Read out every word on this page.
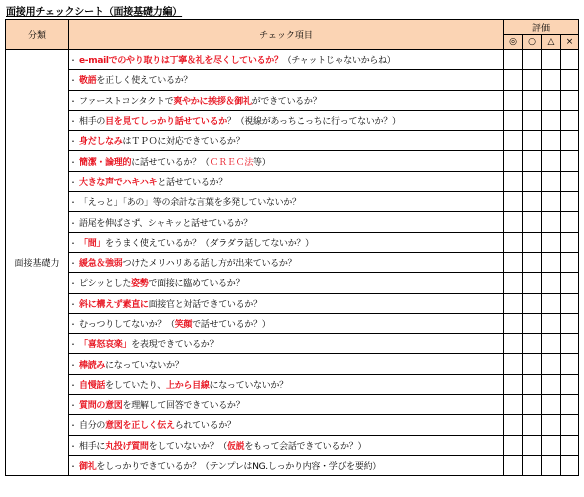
面接用チェックシート（面接基礎力編）
分類	チェック項目	評価			
		◎	○	△	×
面接基礎力	・ e-mailでのやり取りは丁寧＆礼を尽くしているか？（チャットじゃないからね）				
	・ 敬語を正しく使えているか？				
	・ ファーストコンタクトで爽やかに挨拶＆御礼ができているか？				
	・ 相手の目を見てしっかり話せているか？（視線があっちこっちに行ってないか？）				
	・ 身だしなみはＴＰＯに対応できているか？				
	・ 簡潔・論理的に話せているか？（ＣＲＥＣ法等）				
	・ 大きな声でハキハキと話せているか？				
	・ 「えっと」「あの」等の余計な言葉を多発していないか？				
	・ 語尾を伸ばさず、シャキッと話せているか？				
	・ 「間」をうまく使えているか？（ダラダラ話してないか？）				
	・ 緩急＆強弱つけたメリハリある話し方が出来ているか？				
	・ ピシッとした姿勢で面接に臨めているか？				
	・ 斜に構えず素直に面接官と対話できているか？				
	・ むっつりしてないか？（笑顔で話せているか？）				
	・ 「喜怒哀楽」を表現できているか？				
	・ 棒読みになっていないか？				
	・ 自慢話をしていたり、上から目線になっていないか？				
	・ 質問の意図を理解して回答できているか？				
	・ 自分の意図を正しく伝えられているか？				
	・ 相手に丸投げ質問をしていないか？（仮説をもって会話できているか？）				
	・ 御礼をしっかりできているか？（テンプレはNG.しっかり内容・学びを要約）				
